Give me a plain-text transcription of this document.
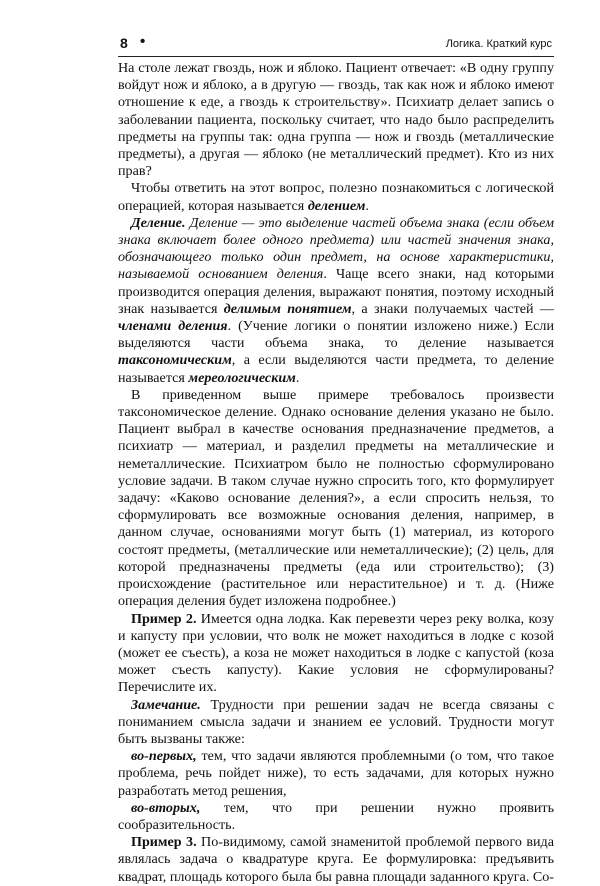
8 •	Логика. Краткий курс

На столе лежат гвоздь, нож и яблоко. Пациент отвечает: «В одну группу войдут нож и яблоко, а в другую — гвоздь, так как нож и яблоко имеют отношение к еде, а гвоздь к строительству». Психиатр делает запись о заболевании пациента, поскольку считает, что надо было распределить предметы на группы так: одна группа — нож и гвоздь (металлические предметы), а другая — яблоко (не металлический предмет). Кто из них прав?

Чтобы ответить на этот вопрос, полезно познакомиться с логической операцией, которая называется делением.

Деление. Деление — это выделение частей объема знака (если объем знака включает более одного предмета) или частей значения знака, обозначающего только один предмет, на основе характеристики, называемой основанием деления. Чаще всего знаки, над которыми производится операция деления, выражают понятия, поэтому исходный знак называется делимым понятием, а знаки получаемых частей — членами деления. (Учение логики о понятии изложено ниже.) Если выделяются части объема знака, то деление называется таксономическим, а если выделяются части предмета, то деление называется мереологическим.

В приведенном выше примере требовалось произвести таксономическое деление. Однако основание деления указано не было. Пациент выбрал в качестве основания предназначение предметов, а психиатр — материал, и разделил предметы на металлические и неметаллические. Психиатром было не полностью сформулировано условие задачи. В таком случае нужно спросить того, кто формулирует задачу: «Каково основание деления?», а если спросить нельзя, то сформулировать все возможные основания деления, например, в данном случае, основаниями могут быть (1) материал, из которого состоят предметы, (металлические или неметаллические); (2) цель, для которой предназначены предметы (еда или строительство); (3) происхождение (растительное или нерастительное) и т. д. (Ниже операция деления будет изложена подробнее.)

Пример 2. Имеется одна лодка. Как перевезти через реку волка, козу и капусту при условии, что волк не может находиться в лодке с козой (может ее съесть), а коза не может находиться в лодке с капустой (коза может съесть капусту). Какие условия не сформулированы? Перечислите их.

Замечание. Трудности при решении задач не всегда связаны с пониманием смысла задачи и знанием ее условий. Трудности могут быть вызваны также:

во-первых, тем, что задачи являются проблемными (о том, что такое проблема, речь пойдет ниже), то есть задачами, для которых нужно разработать метод решения,

во-вторых, тем, что при решении нужно проявить сообразительность.

Пример 3. По-видимому, самой знаменитой проблемой первого вида являлась задача о квадратуре круга. Ее формулировка: предъявить квадрат, площадь которого была бы равна площади заданного круга. Со-
